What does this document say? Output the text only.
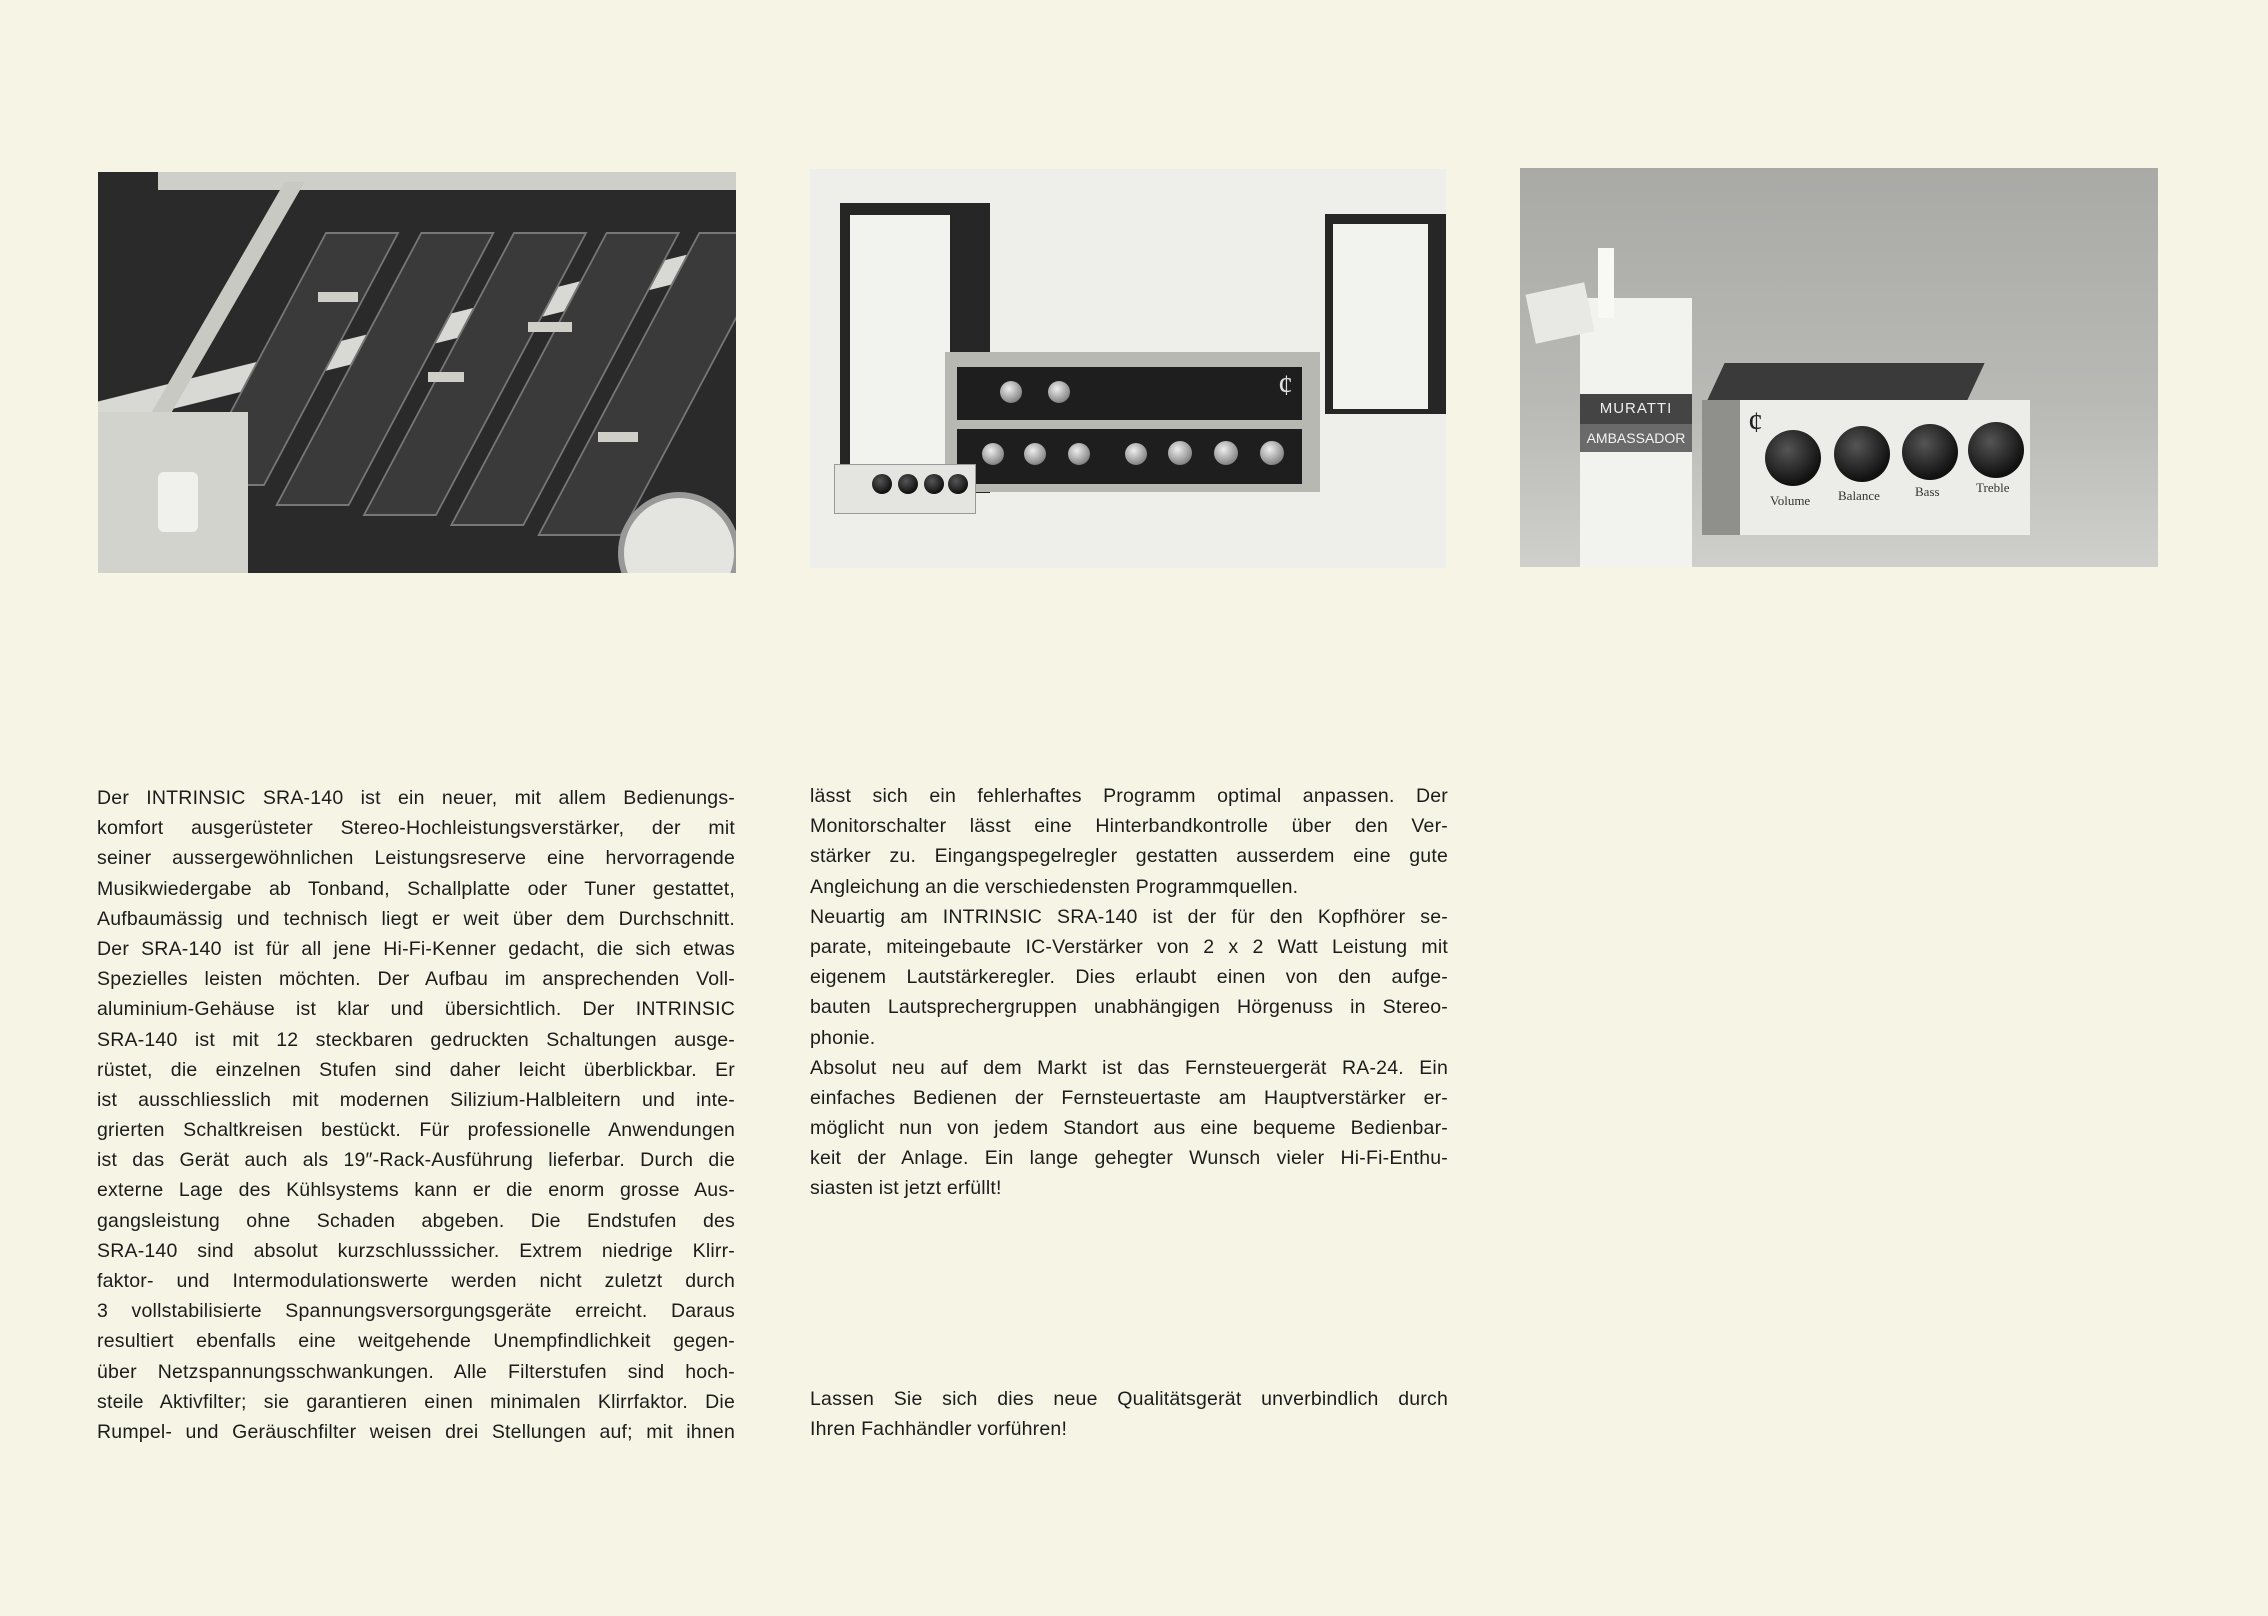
¢
MURATTI
AMBASSADOR ¢
Volume Balance	Bass	Treble
Der INTRINSIC SRA-140 ist ein neuer, mit allem Bedienungs-
komfort ausgerüsteter Stereo-Hochleistungsverstärker, der mit
seiner aussergewöhnlichen Leistungsreserve eine hervorragende
Musikwiedergabe ab Tonband, Schallplatte oder Tuner gestattet,
Aufbaumässig und technisch liegt er weit über dem Durchschnitt.
Der SRA-140 ist für all jene Hi-Fi-Kenner gedacht, die sich etwas
Spezielles leisten möchten. Der Aufbau im ansprechenden Voll-
aluminium-Gehäuse ist klar und übersichtlich. Der INTRINSIC
SRA-140 ist mit 12 steckbaren gedruckten Schaltungen ausge-
rüstet, die einzelnen Stufen sind daher leicht überblickbar. Er
ist ausschliesslich mit modernen Silizium-Halbleitern und inte-
grierten Schaltkreisen bestückt. Für professionelle Anwendungen
ist das Gerät auch als 19″-Rack-Ausführung lieferbar. Durch die
externe Lage des Kühlsystems kann er die enorm grosse Aus-
gangsleistung ohne Schaden abgeben. Die Endstufen des
SRA-140 sind absolut kurzschlusssicher. Extrem niedrige Klirr-
faktor- und Intermodulationswerte werden nicht zuletzt durch
3 vollstabilisierte Spannungsversorgungsgeräte erreicht. Daraus
resultiert ebenfalls eine weitgehende Unempfindlichkeit gegen-
über Netzspannungsschwankungen. Alle Filterstufen sind hoch-
steile Aktivfilter; sie garantieren einen minimalen Klirrfaktor. Die
Rumpel- und Geräuschfilter weisen drei Stellungen auf; mit ihnen
lässt sich ein fehlerhaftes Programm optimal anpassen. Der
Monitorschalter lässt eine Hinterbandkontrolle über den Ver-
stärker zu. Eingangspegelregler gestatten ausserdem eine gute
Angleichung an die verschiedensten Programmquellen.
Neuartig am INTRINSIC SRA-140 ist der für den Kopfhörer se-
parate, miteingebaute IC-Verstärker von 2 x 2 Watt Leistung mit
eigenem Lautstärkeregler. Dies erlaubt einen von den aufge-
bauten Lautsprechergruppen unabhängigen Hörgenuss in Stereo-
phonie.
Absolut neu auf dem Markt ist das Fernsteuergerät RA-24. Ein
einfaches Bedienen der Fernsteuertaste am Hauptverstärker er-
möglicht nun von jedem Standort aus eine bequeme Bedienbar-
keit der Anlage. Ein lange gehegter Wunsch vieler Hi-Fi-Enthu-
siasten ist jetzt erfüllt!
Lassen Sie sich dies neue Qualitätsgerät unverbindlich durch
Ihren Fachhändler vorführen!
